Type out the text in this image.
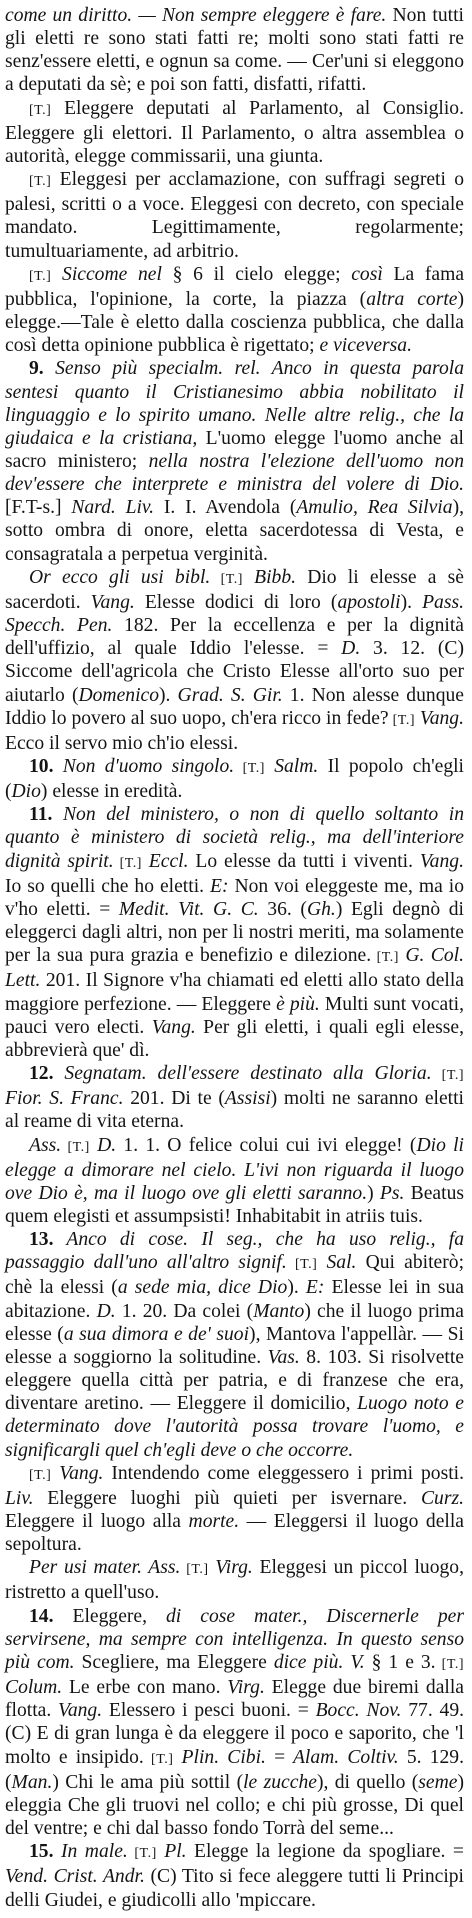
come un diritto. — Non sempre eleggere è fare. Non tutti gli eletti re sono stati fatti re; molti sono stati fatti re senz'essere eletti, e ognun sa come. — Cer'uni si eleggono a deputati da sè; e poi son fatti, disfatti, rifatti.

[T.] Eleggere deputati al Parlamento, al Consiglio. Eleggere gli elettori. Il Parlamento, o altra assemblea o autorità, elegge commissarii, una giunta.

[T.] Eleggesi per acclamazione, con suffragi segreti o palesi, scritti o a voce. Eleggesi con decreto, con speciale mandato. Legittimamente, regolarmente; tumultuariamente, ad arbitrio.

[T.] Siccome nel § 6 il cielo elegge; così La fama pubblica, l'opinione, la corte, la piazza (altra corte) elegge.—Tale è eletto dalla coscienza pubblica, che dalla così detta opinione pubblica è rigettato; e viceversa.

9. Senso più specialm. rel. Anco in questa parola sentesi quanto il Cristianesimo abbia nobilitato il linguaggio e lo spirito umano. Nelle altre relig., che la giudaica e la cristiana, L'uomo elegge l'uomo anche al sacro ministero; nella nostra l'elezione dell'uomo non dev'essere che interprete e ministra del volere di Dio. [F.T-s.] Nard. Liv. I. I. Avendola (Amulio, Rea Silvia), sotto ombra di onore, eletta sacerdotessa di Vesta, e consagratala a perpetua verginità.

Or ecco gli usi bibl. [T.] Bibb. Dio li elesse a sè sacerdoti. Vang. Elesse dodici di loro (apostoli). Pass. Specch. Pen. 182. Per la eccellenza e per la dignità dell'uffizio, al quale Iddio l'elesse. = D. 3. 12. (C) Siccome dell'agricola che Cristo Elesse all'orto suo per aiutarlo (Domenico). Grad. S. Gir. 1. Non alesse dunque Iddio lo povero al suo uopo, ch'era ricco in fede? [T.] Vang. Ecco il servo mio ch'io elessi.

10. Non d'uomo singolo. [T.] Salm. Il popolo ch'egli (Dio) elesse in eredità.

11. Non del ministero, o non di quello soltanto in quanto è ministero di società relig., ma dell'interiore dignità spirit. [T.] Eccl. Lo elesse da tutti i viventi. Vang. Io so quelli che ho eletti. E: Non voi eleggeste me, ma io v'ho eletti. = Medit. Vit. G. C. 36. (Gh.) Egli degnò di eleggerci dagli altri, non per li nostri meriti, ma solamente per la sua pura grazia e benefizio e dilezione. [T.] G. Col. Lett. 201. Il Signore v'ha chiamati ed eletti allo stato della maggiore perfezione. — Eleggere è più. Multi sunt vocati, pauci vero electi. Vang. Per gli eletti, i quali egli elesse, abbrevierà que' dì.

12. Segnatam. dell'essere destinato alla Gloria. [T.] Fior. S. Franc. 201. Di te (Assisi) molti ne saranno eletti al reame di vita eterna.

Ass. [T.] D. 1. 1. O felice colui cui ivi elegge! (Dio li elegge a dimorare nel cielo. L'ivi non riguarda il luogo ove Dio è, ma il luogo ove gli eletti saranno.) Ps. Beatus quem elegisti et assumpsisti! Inhabitabit in atriis tuis.

13. Anco di cose. Il seg., che ha uso relig., fa passaggio dall'uno all'altro signif. [T.] Sal. Qui abiterò; chè la elessi (a sede mia, dice Dio). E: Elesse lei in sua abitazione. D. 1. 20. Da colei (Manto) che il luogo prima elesse (a sua dimora e de' suoi), Mantova l'appellàr. — Si elesse a soggiorno la solitudine. Vas. 8. 103. Si risolvette eleggere quella città per patria, e di franzese che era, diventare aretino. — Eleggere il domicilio, Luogo noto e determinato dove l'autorità possa trovare l'uomo, e significargli quel ch'egli deve o che occorre.

[T.] Vang. Intendendo come eleggessero i primi posti. Liv. Eleggere luoghi più quieti per isvernare. Curz. Eleggere il luogo alla morte. — Eleggersi il luogo della sepoltura.

Per usi mater. Ass. [T.] Virg. Eleggesi un piccol luogo, ristretto a quell'uso.

14. Eleggere, di cose mater., Discernerle per servirsene, ma sempre con intelligenza. In questo senso più com. Scegliere, ma Eleggere dice più. V. § 1 e 3. [T.] Colum. Le erbe con mano. Virg. Elegge due biremi dalla flotta. Vang. Elessero i pesci buoni. = Bocc. Nov. 77. 49. (C) E di gran lunga è da eleggere il poco e saporito, che 'l molto e insipido. [T.] Plin. Cibi. = Alam. Coltiv. 5. 129. (Man.) Chi le ama più sottil (le zucche), di quello (seme) eleggia Che gli truovi nel collo; e chi più grosse, Di quel del ventre; e chi dal basso fondo Torrà del seme...

15. In male. [T.] Pl. Elegge la legione da spogliare. = Vend. Crist. Andr. (C) Tito si fece aleggere tutti li Principi delli Giudei, e giudicolli allo 'mpiccare.
